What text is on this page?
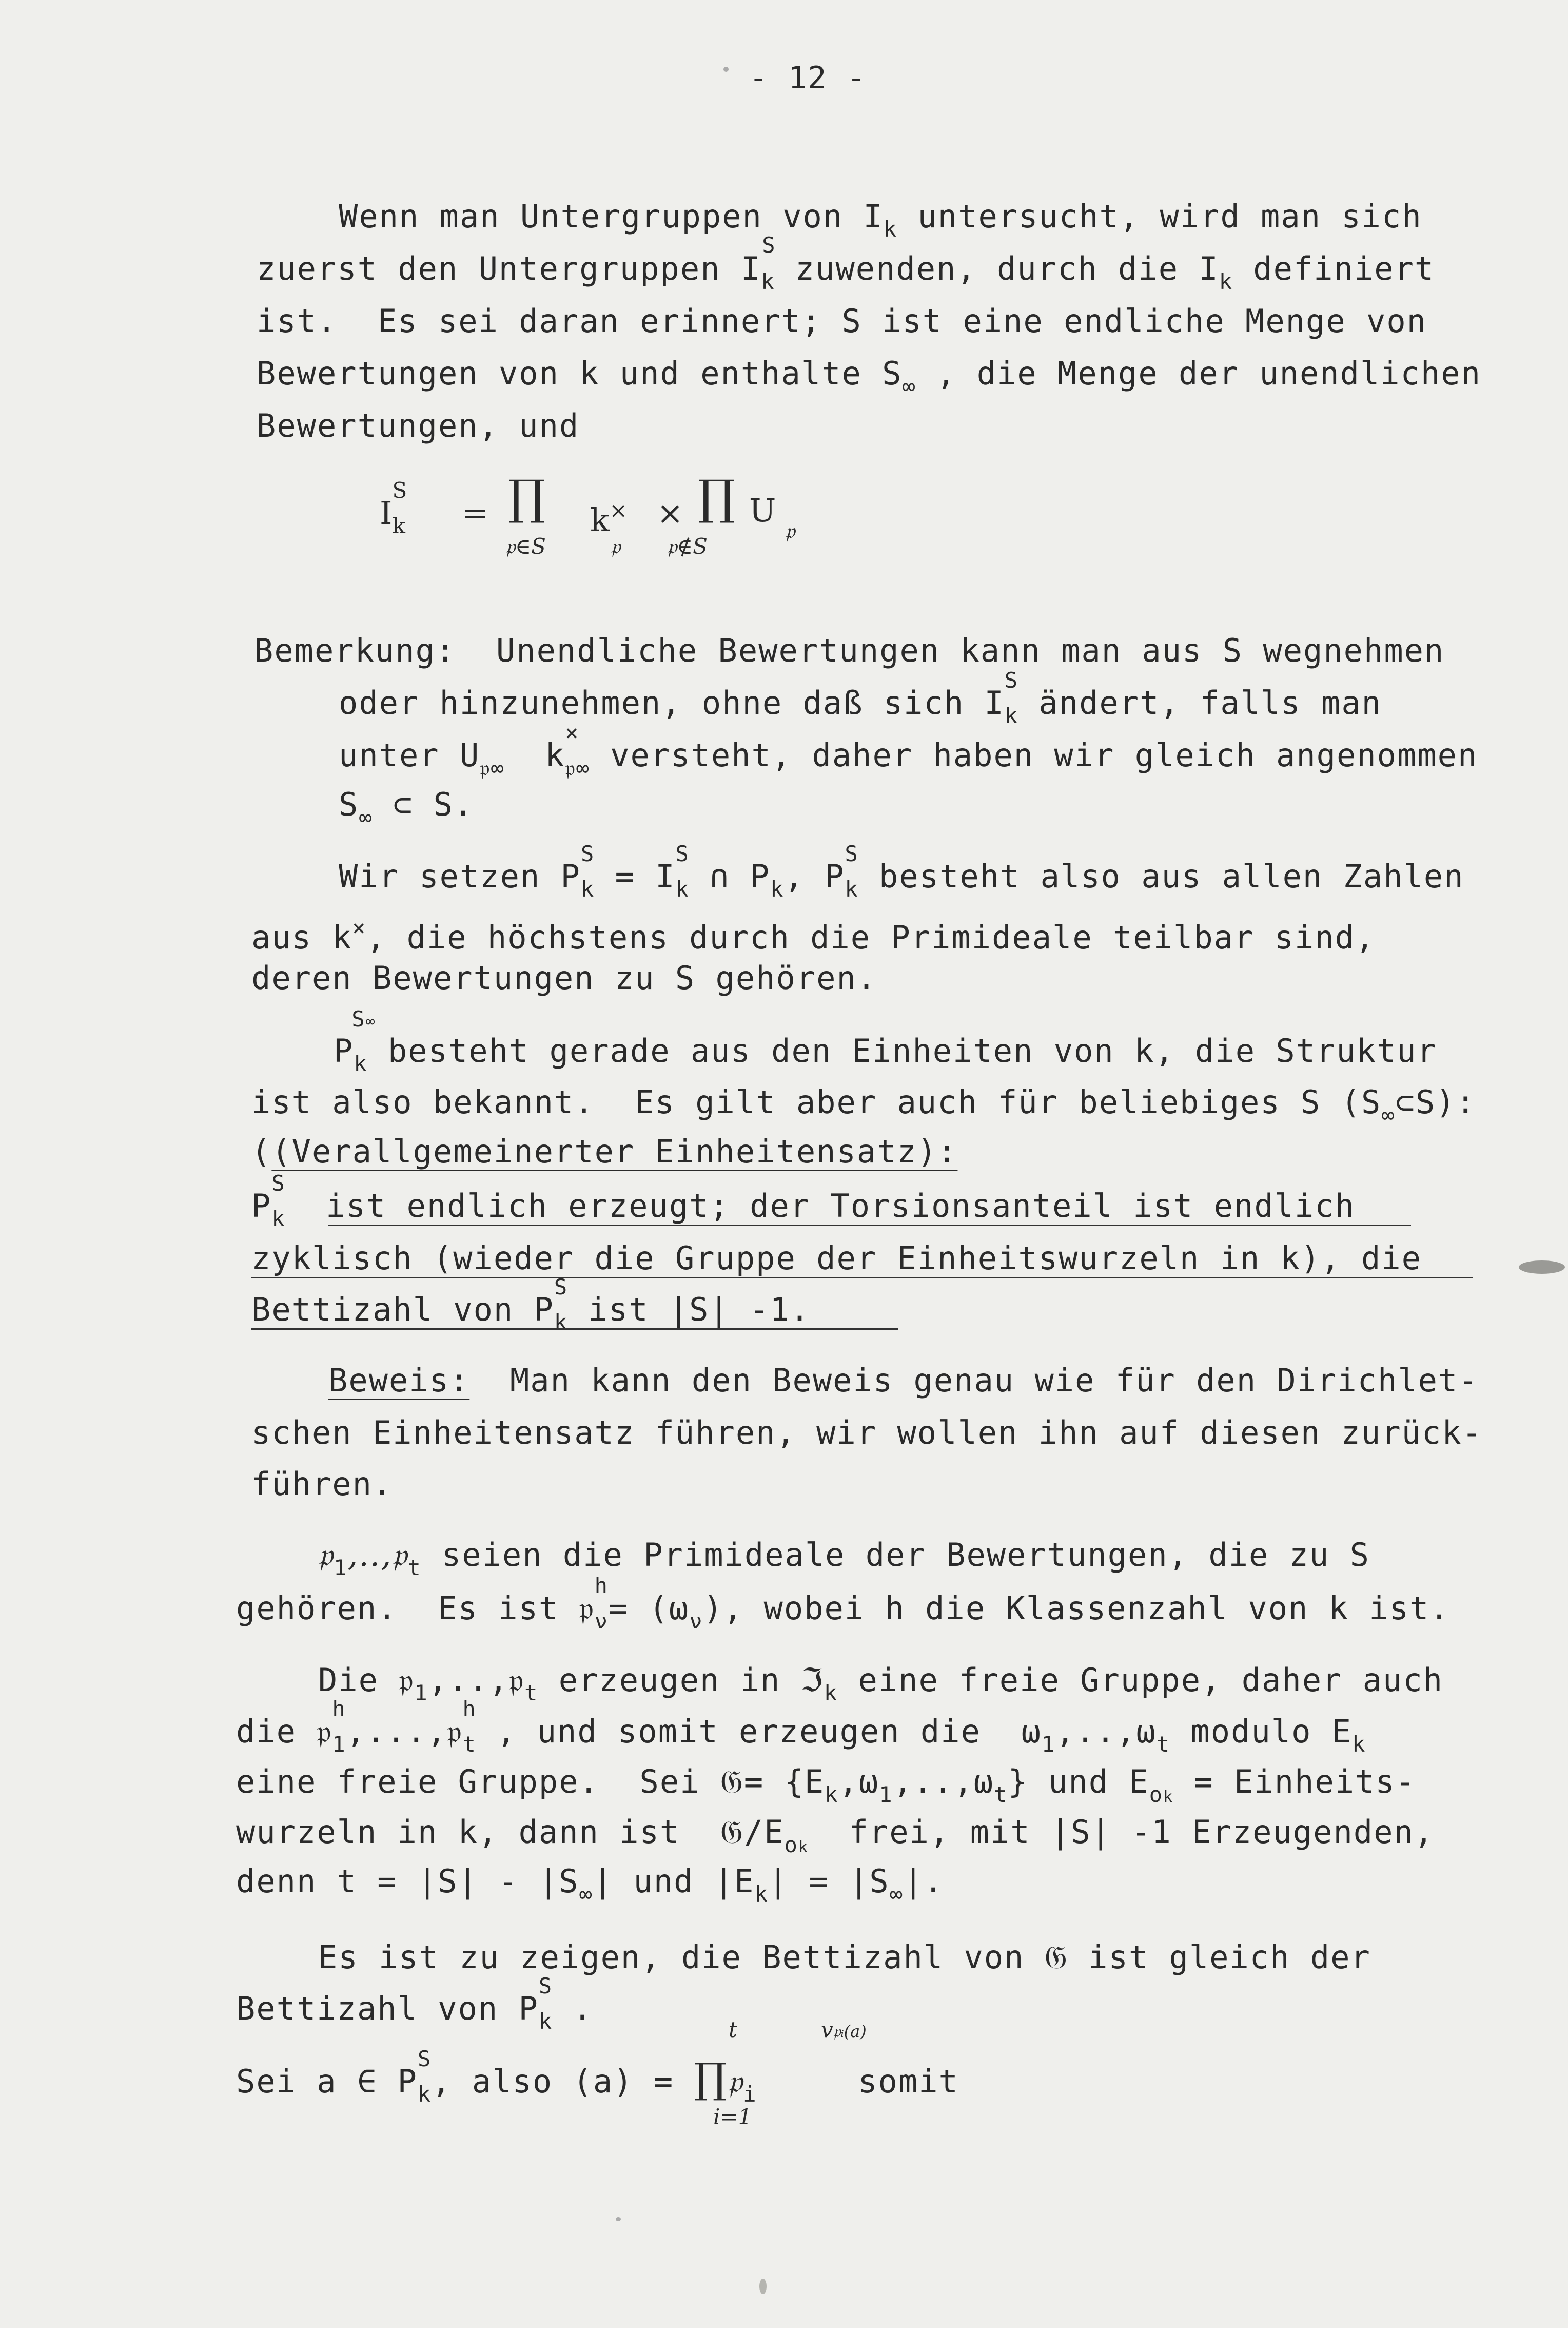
- 12 -
Wenn man Untergruppen von $I_k$ untersucht, wird man sich
zuerst den Untergruppen I
S
$_k$ zuwenden, durch die $I_k$ definiert
ist.  Es sei daran erinnert; S ist eine endliche Menge von
Bewertungen von k und enthalte $S_\infty$ , die Menge der unendlichen
Bewertungen, und
I
S
$_k$ = ∏ k×
𝔭
× ∏ U
𝔭
𝔭∈S	𝔭∉S
Bemerkung:  Unendliche Bewertungen kann man aus S wegnehmen
oder hinzunehmen, ohne daß sich I
S
$_k$ ändert, falls man
unter $U_{𝔭\infty}$  k
×
$_{𝔭\infty}$ versteht, daher haben wir gleich angenommen
$S_\infty$ ⊂ S.
Wir setzen P
S
$_k$ = I
S
$_k$ ∩ $P_k$, P
S
$_k$ besteht also aus allen Zahlen
aus k×, die höchstens durch die Primideale teilbar sind,
deren Bewertungen zu S gehören.
P
S∞
$_k$ besteht gerade aus den Einheiten von k, die Struktur
ist also bekannt.  Es gilt aber auch für beliebiges S $(S_\infty\subset S)$:
((Verallgemeinerter Einheitensatz):
P
S
$_k$  ist endlich erzeugt; der Torsionsanteil ist endlich
zyklisch (wieder die Gruppe der Einheitswurzeln in k), die
Bettizahl von P
S
$_k$ ist |S| -1.
Beweis:  Man kann den Beweis genau wie für den Dirichlet-
schen Einheitensatz führen, wir wollen ihn auf diesen zurück-
führen.
𝔭$_1$,..,𝔭$_t$ seien die Primideale der Bewertungen, die zu S
gehören.  Es ist 𝔭
h
$_\nu= (\omega_\nu)$, wobei h die Klassenzahl von k ist.
Die 𝔭$_1$,..,𝔭$_t$ erzeugen in ℑ$_k$ eine freie Gruppe, daher auch
die 𝔭
h
$_1$,...,𝔭
h
$_t$ , und somit erzeugen die  $\omega_1,..,\omega_t$ modulo $E_k$
eine freie Gruppe.  Sei 𝔊= $\{E_k,\omega_1,..,\omega_t\}$ und $E_{ok}$ = Einheits-
wurzeln in k, dann ist  $𝔊/E_{ok}$  frei, mit |S| -1 Erzeugenden,
denn $t = |S| - |S_\infty|$ und $|E_k| = |S_\infty|$.
Es ist zu zeigen, die Bettizahl von 𝔊 ist gleich der
Bettizahl von P
S
$_k$ .
Sei a ∈ P
S
$_k$, also (a) = ∏𝔭$_i$     somit
t
i=1
v𝔭ᵢ(a)
